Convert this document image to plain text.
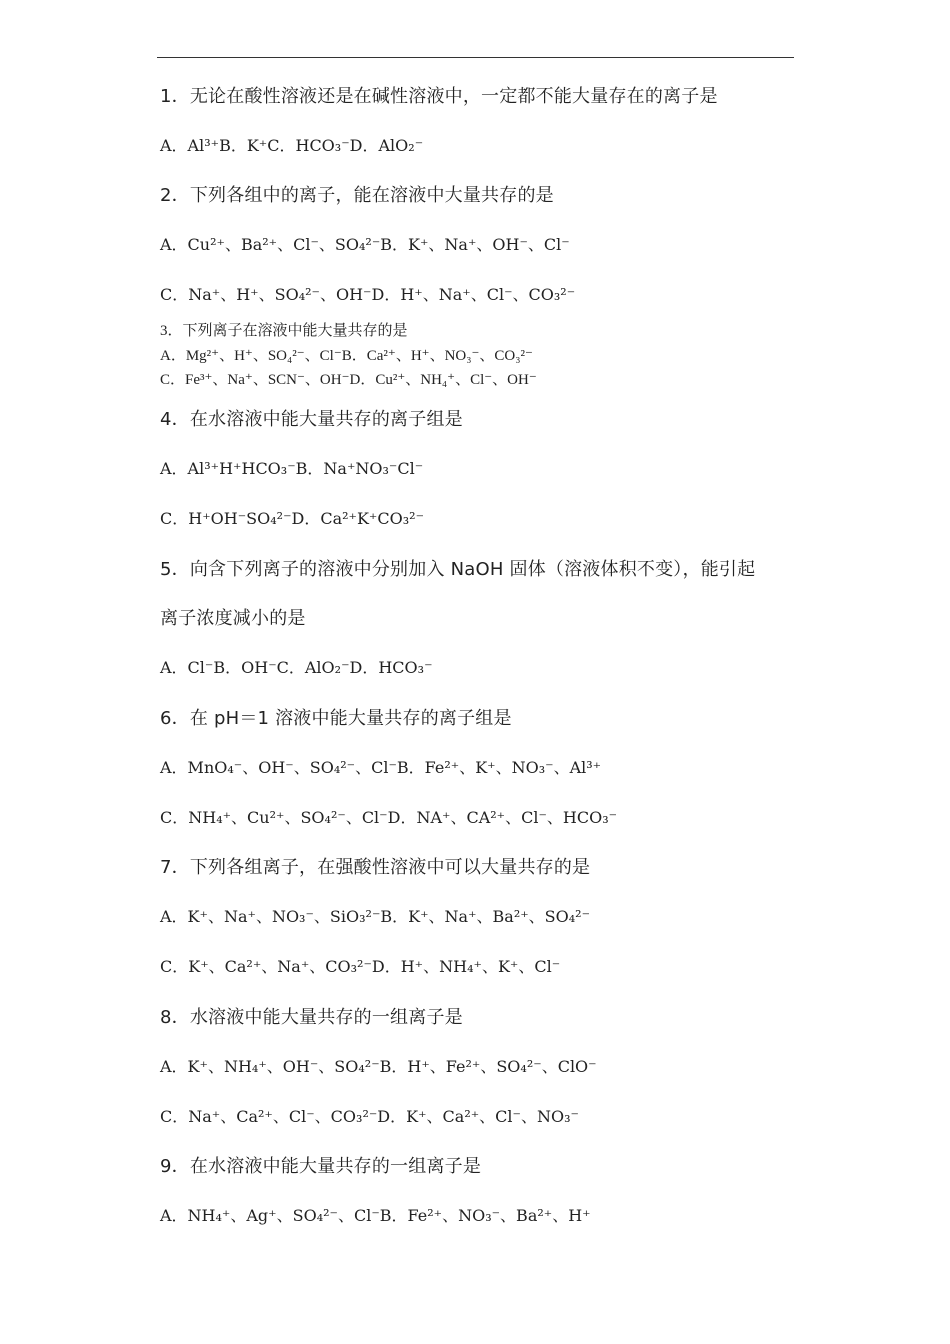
1．无论在酸性溶液还是在碱性溶液中，一定都不能大量存在的离子是
A．Al³⁺B．K⁺C．HCO₃⁻D．AlO₂⁻
2．下列各组中的离子，能在溶液中大量共存的是
A．Cu²⁺、Ba²⁺、Cl⁻、SO₄²⁻B．K⁺、Na⁺、OH⁻、Cl⁻
C．Na⁺、H⁺、SO₄²⁻、OH⁻D．H⁺、Na⁺、Cl⁻、CO₃²⁻
3．下列离子在溶液中能大量共存的是
A．Mg²⁺、H⁺、SO₄²⁻、Cl⁻B．Ca²⁺、H⁺、NO₃⁻、CO₃²⁻
C．Fe³⁺、Na⁺、SCN⁻、OH⁻D．Cu²⁺、NH₄⁺、Cl⁻、OH⁻
4．在水溶液中能大量共存的离子组是
A．Al³⁺H⁺HCO₃⁻B．Na⁺NO₃⁻Cl⁻
C．H⁺OH⁻SO₄²⁻D．Ca²⁺K⁺CO₃²⁻
5．向含下列离子的溶液中分别加入 NaOH 固体（溶液体积不变），能引起
离子浓度减小的是
A．Cl⁻B．OH⁻C．AlO₂⁻D．HCO₃⁻
6．在 pH＝1 溶液中能大量共存的离子组是
A．MnO₄⁻、OH⁻、SO₄²⁻、Cl⁻B．Fe²⁺、K⁺、NO₃⁻、Al³⁺
C．NH₄⁺、Cu²⁺、SO₄²⁻、Cl⁻D．NA⁺、CA²⁺、Cl⁻、HCO₃⁻
7．下列各组离子，在强酸性溶液中可以大量共存的是
A．K⁺、Na⁺、NO₃⁻、SiO₃²⁻B．K⁺、Na⁺、Ba²⁺、SO₄²⁻
C．K⁺、Ca²⁺、Na⁺、CO₃²⁻D．H⁺、NH₄⁺、K⁺、Cl⁻
8．水溶液中能大量共存的一组离子是
A．K⁺、NH₄⁺、OH⁻、SO₄²⁻B．H⁺、Fe²⁺、SO₄²⁻、ClO⁻
C．Na⁺、Ca²⁺、Cl⁻、CO₃²⁻D．K⁺、Ca²⁺、Cl⁻、NO₃⁻
9．在水溶液中能大量共存的一组离子是
A．NH₄⁺、Ag⁺、SO₄²⁻、Cl⁻B．Fe²⁺、NO₃⁻、Ba²⁺、H⁺
